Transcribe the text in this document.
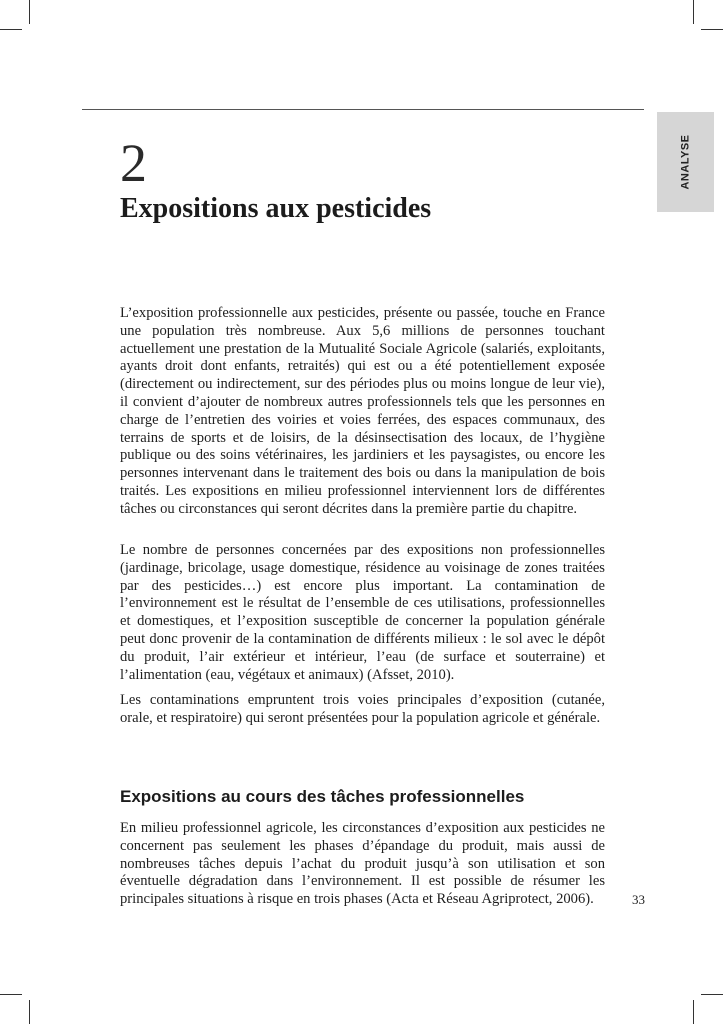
ANALYSE
2
Expositions aux pesticides

L’exposition professionnelle aux pesticides, présente ou passée, touche en France une population très nombreuse. Aux 5,6 millions de personnes touchant actuellement une prestation de la Mutualité Sociale Agricole (salariés, exploitants, ayants droit dont enfants, retraités) qui est ou a été potentiellement exposée (directement ou indirectement, sur des périodes plus ou moins longue de leur vie), il convient d’ajouter de nombreux autres professionnels tels que les personnes en charge de l’entretien des voiries et voies ferrées, des espaces communaux, des terrains de sports et de loisirs, de la désinsectisation des locaux, de l’hygiène publique ou des soins vétérinaires, les jardiniers et les paysagistes, ou encore les personnes intervenant dans le traitement des bois ou dans la manipulation de bois traités. Les expositions en milieu professionnel interviennent lors de différentes tâches ou circonstances qui seront décrites dans la première partie du chapitre.

Le nombre de personnes concernées par des expositions non professionnelles (jardinage, bricolage, usage domestique, résidence au voisinage de zones traitées par des pesticides…) est encore plus important. La contamination de l’environnement est le résultat de l’ensemble de ces utilisations, professionnelles et domestiques, et l’exposition susceptible de concerner la population générale peut donc provenir de la contamination de différents milieux : le sol avec le dépôt du produit, l’air extérieur et intérieur, l’eau (de surface et souterraine) et l’alimentation (eau, végétaux et animaux) (Afsset, 2010).

Les contaminations empruntent trois voies principales d’exposition (cutanée, orale, et respiratoire) qui seront présentées pour la population agricole et générale.

Expositions au cours des tâches professionnelles

En milieu professionnel agricole, les circonstances d’exposition aux pesticides ne concernent pas seulement les phases d’épandage du produit, mais aussi de nombreuses tâches depuis l’achat du produit jusqu’à son utilisation et son éventuelle dégradation dans l’environnement. Il est possible de résumer les principales situations à risque en trois phases (Acta et Réseau Agriprotect, 2006).	33
